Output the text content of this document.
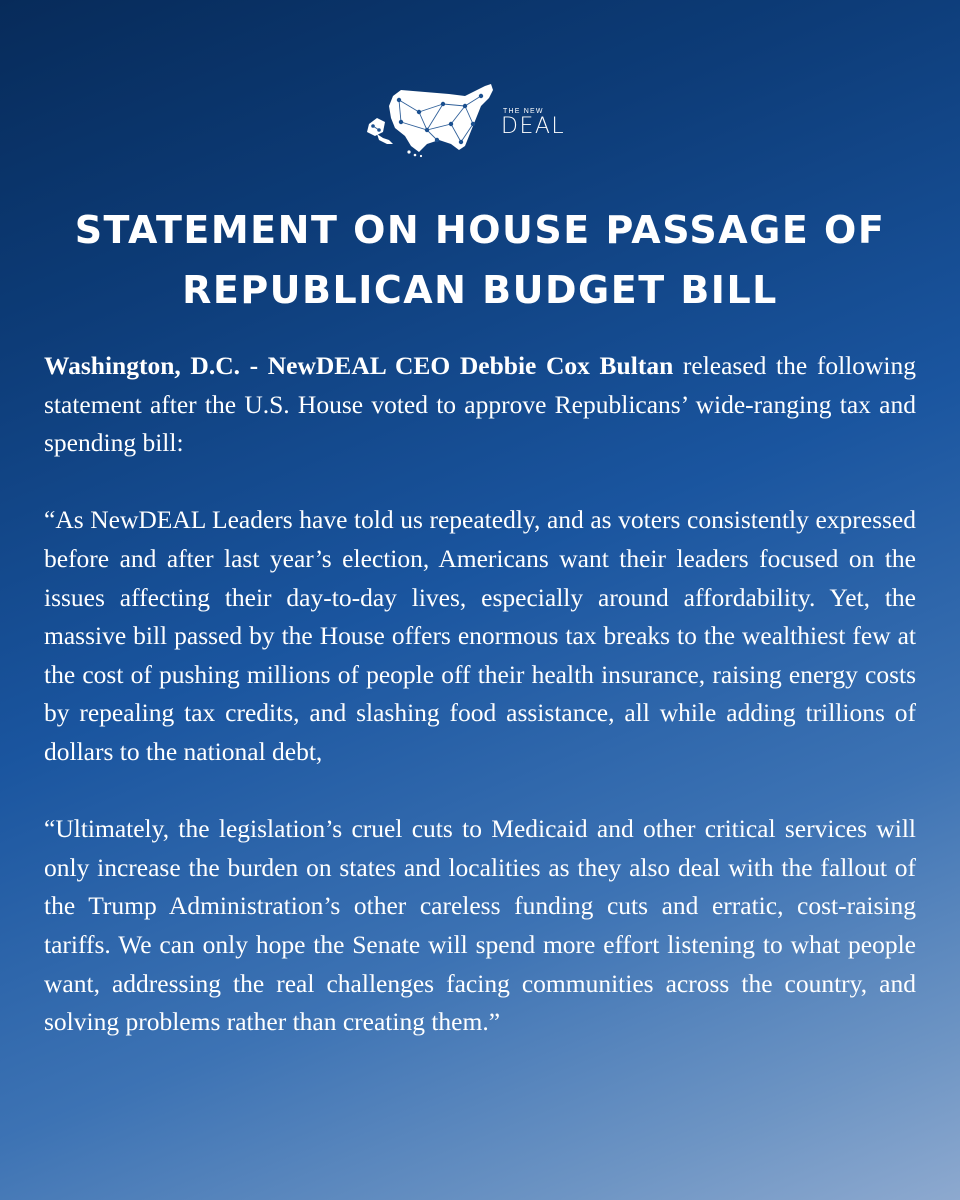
THE NEW
DEAL
STATEMENT ON HOUSE PASSAGE OF REPUBLICAN BUDGET BILL

Washington, D.C. - NewDEAL CEO Debbie Cox Bultan released the following statement after the U.S. House voted to approve Republicans’ wide-ranging tax and spending bill:

“As NewDEAL Leaders have told us repeatedly, and as voters consistently expressed before and after last year’s election, Americans want their leaders focused on the issues affecting their day-to-day lives, especially around affordability. Yet, the massive bill passed by the House offers enormous tax breaks to the wealthiest few at the cost of pushing millions of people off their health insurance, raising energy costs by repealing tax credits, and slashing food assistance, all while adding trillions of dollars to the national debt,

“Ultimately, the legislation’s cruel cuts to Medicaid and other critical services will only increase the burden on states and localities as they also deal with the fallout of the Trump Administration’s other careless funding cuts and erratic, cost-raising tariffs. We can only hope the Senate will spend more effort listening to what people want, addressing the real challenges facing communities across the country, and solving problems rather than creating them.”
